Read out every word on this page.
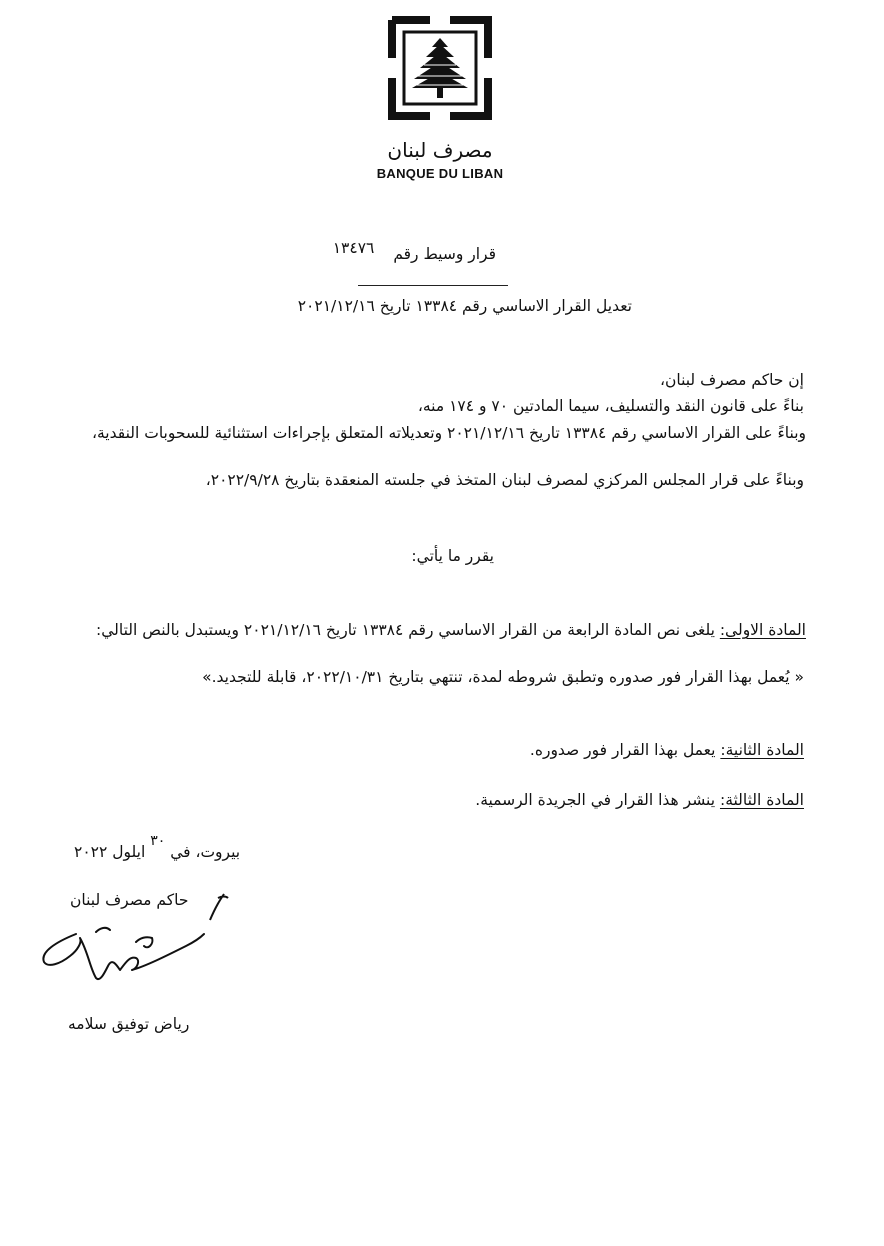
مصرف لبنان
BANQUE DU LIBAN
قرار وسيط رقم ١٣٤٧٦
تعديل القرار الاساسي رقم ١٣٣٨٤ تاريخ ٢٠٢١/١٢/١٦
إن حاكم مصرف لبنان،
بناءً على قانون النقد والتسليف، سيما المادتين ٧٠ و ١٧٤ منه،
وبناءً على القرار الاساسي رقم ١٣٣٨٤ تاريخ ٢٠٢١/١٢/١٦ وتعديلاته المتعلق بإجراءات استثنائية للسحوبات النقدية،
وبناءً على قرار المجلس المركزي لمصرف لبنان المتخذ في جلسته المنعقدة بتاريخ ٢٠٢٢/٩/٢٨،
يقرر ما يأتي:
المادة الاولى: يلغى نص المادة الرابعة من القرار الاساسي رقم ١٣٣٨٤ تاريخ ٢٠٢١/١٢/١٦ ويستبدل بالنص التالي:
« يُعمل بهذا القرار فور صدوره وتطبق شروطه لمدة، تنتهي بتاريخ ٢٠٢٢/١٠/٣١، قابلة للتجديد.»
المادة الثانية: يعمل بهذا القرار فور صدوره.
المادة الثالثة: ينشر هذا القرار في الجريدة الرسمية.
بيروت، في ٣٠ ايلول ٢٠٢٢
حاكم مصرف لبنان
رياض توفيق سلامه
